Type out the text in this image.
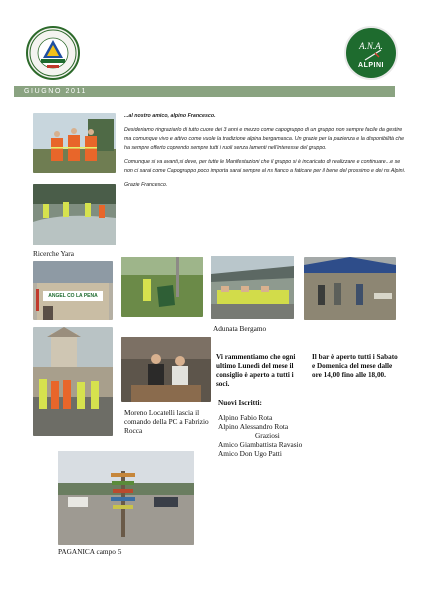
A.N.A.
ALPINI
GIUGNO 2011

...al nostro amico, alpino Francesco.

Desideriamo ringraziarlo di tutto cuore dei 3 anni e mezzo come capogruppo di un gruppo non sempre facile da gestire ma comunque vivo e attivo come vuole la tradizione alpina bergamasca. Un grazie per la pazienza e la disponibilità che ha sempre offerto coprendo sempre tutti i ruoli senza lamenti nell'interesse del gruppo.

Comunque si va avanti,si deve, per tutte le Manifestazioni che il gruppo si è incaricato di realizzare e continuare...e se non ci sarai come Capogruppo poco importa sarai sempre al ns fianco a faticare per il bene del prossimo e dei ns Alpini.

Grazie Francesco.

Ricerche Yara
ANGEL CO LA PENA
Adunata Bergamo
Moreno Locatelli lascia il comando della PC a Fabrizio Rocca
Vi rammentiamo che ogni ultimo Lunedì del mese il consiglio è aperto a tutti i soci.
Il bar è aperto tutti i Sabato e Domenica del mese dalle ore 14,00 fino alle 18,00.
Nuovi Iscritti:
Alpino Fabio Rota
Alpino Alessandro Rota
Graziosi
Amico Giambattista Ravasio
Amico Don Ugo Patti
PAGANICA campo 5
